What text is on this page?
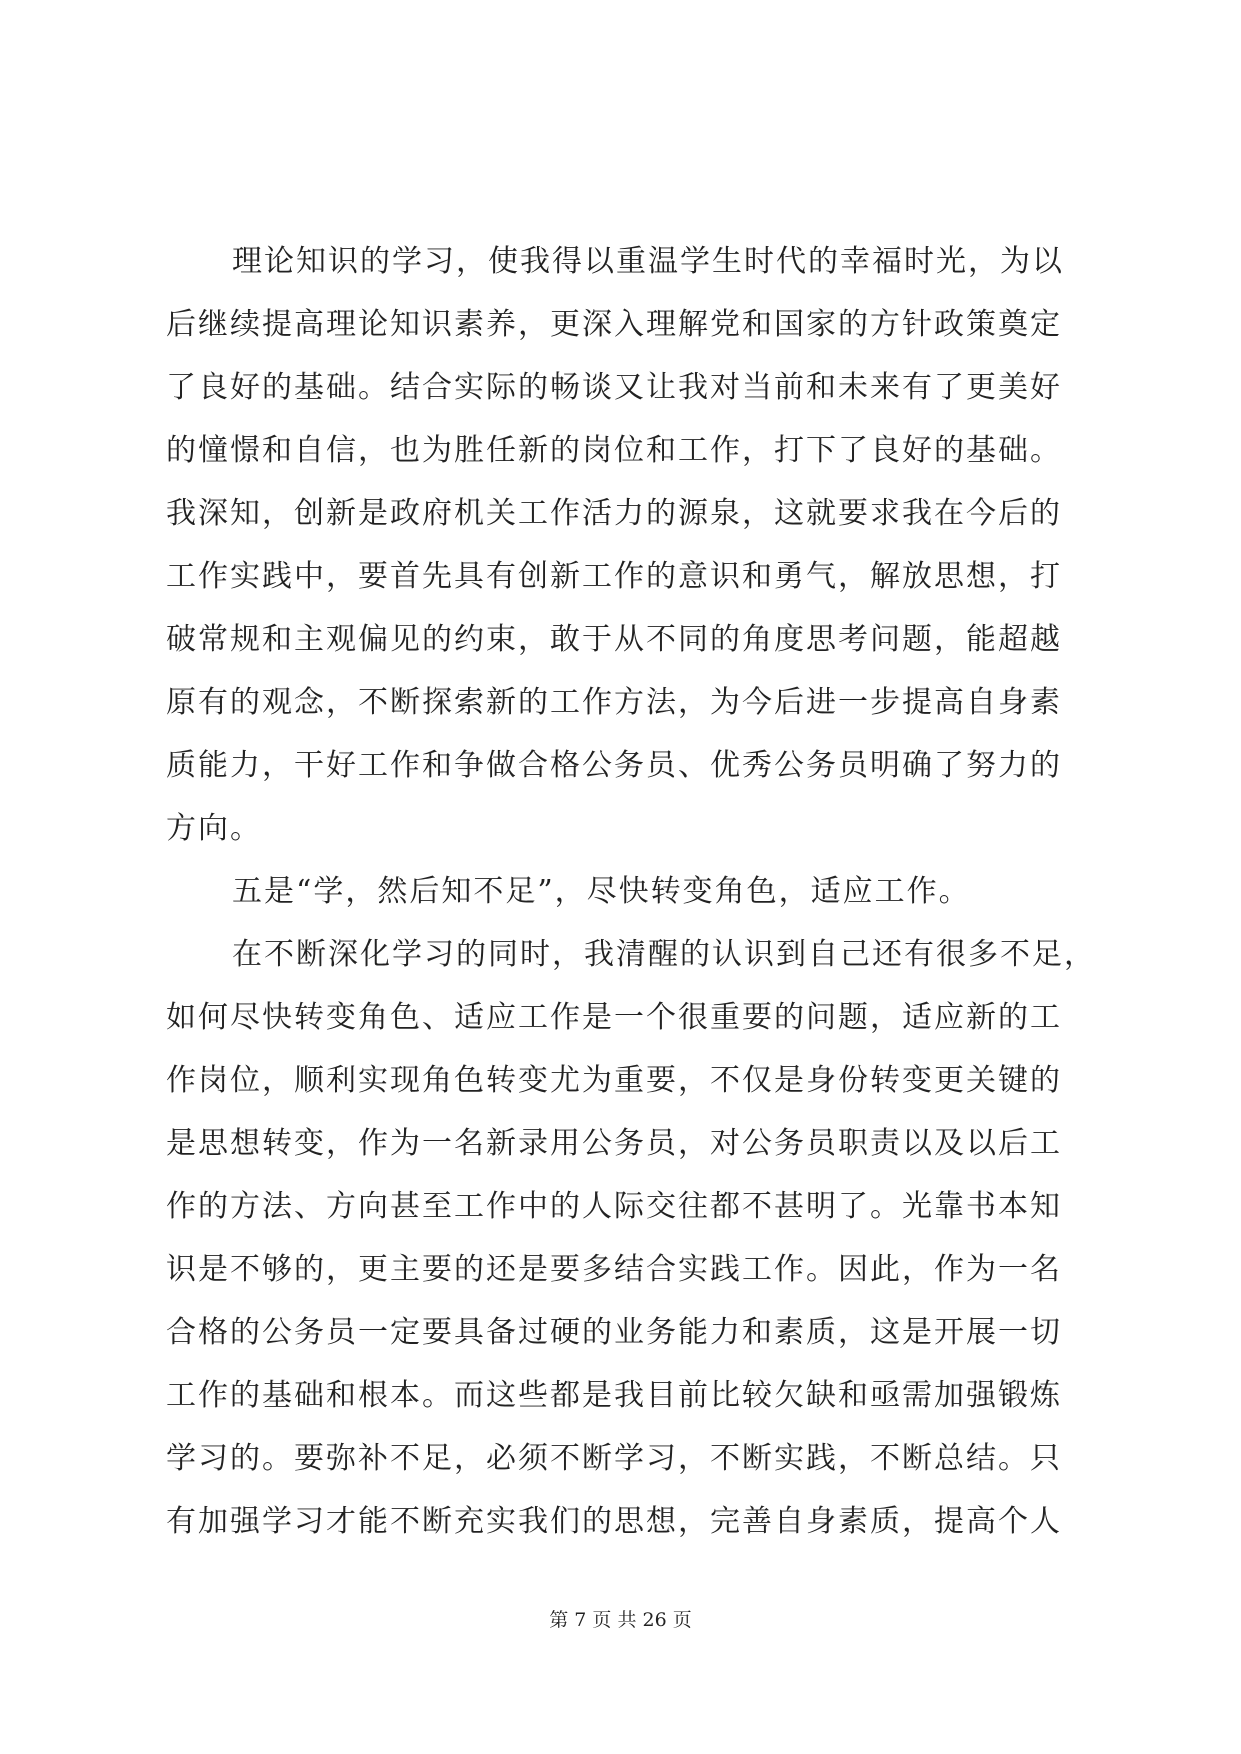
理论知识的学习，使我得以重温学生时代的幸福时光，为以
后继续提高理论知识素养，更深入理解党和国家的方针政策奠定
了良好的基础。结合实际的畅谈又让我对当前和未来有了更美好
的憧憬和自信，也为胜任新的岗位和工作，打下了良好的基础。
我深知，创新是政府机关工作活力的源泉，这就要求我在今后的
工作实践中，要首先具有创新工作的意识和勇气，解放思想，打
破常规和主观偏见的约束，敢于从不同的角度思考问题，能超越
原有的观念，不断探索新的工作方法，为今后进一步提高自身素
质能力，干好工作和争做合格公务员、优秀公务员明确了努力的
方向。
五是“学，然后知不足”，尽快转变角色，适应工作。
在不断深化学习的同时，我清醒的认识到自己还有很多不足，
如何尽快转变角色、适应工作是一个很重要的问题，适应新的工
作岗位，顺利实现角色转变尤为重要，不仅是身份转变更关键的
是思想转变，作为一名新录用公务员，对公务员职责以及以后工
作的方法、方向甚至工作中的人际交往都不甚明了。光靠书本知
识是不够的，更主要的还是要多结合实践工作。因此，作为一名
合格的公务员一定要具备过硬的业务能力和素质，这是开展一切
工作的基础和根本。而这些都是我目前比较欠缺和亟需加强锻炼
学习的。要弥补不足，必须不断学习，不断实践，不断总结。只
有加强学习才能不断充实我们的思想，完善自身素质，提高个人
第 7 页 共 26 页
